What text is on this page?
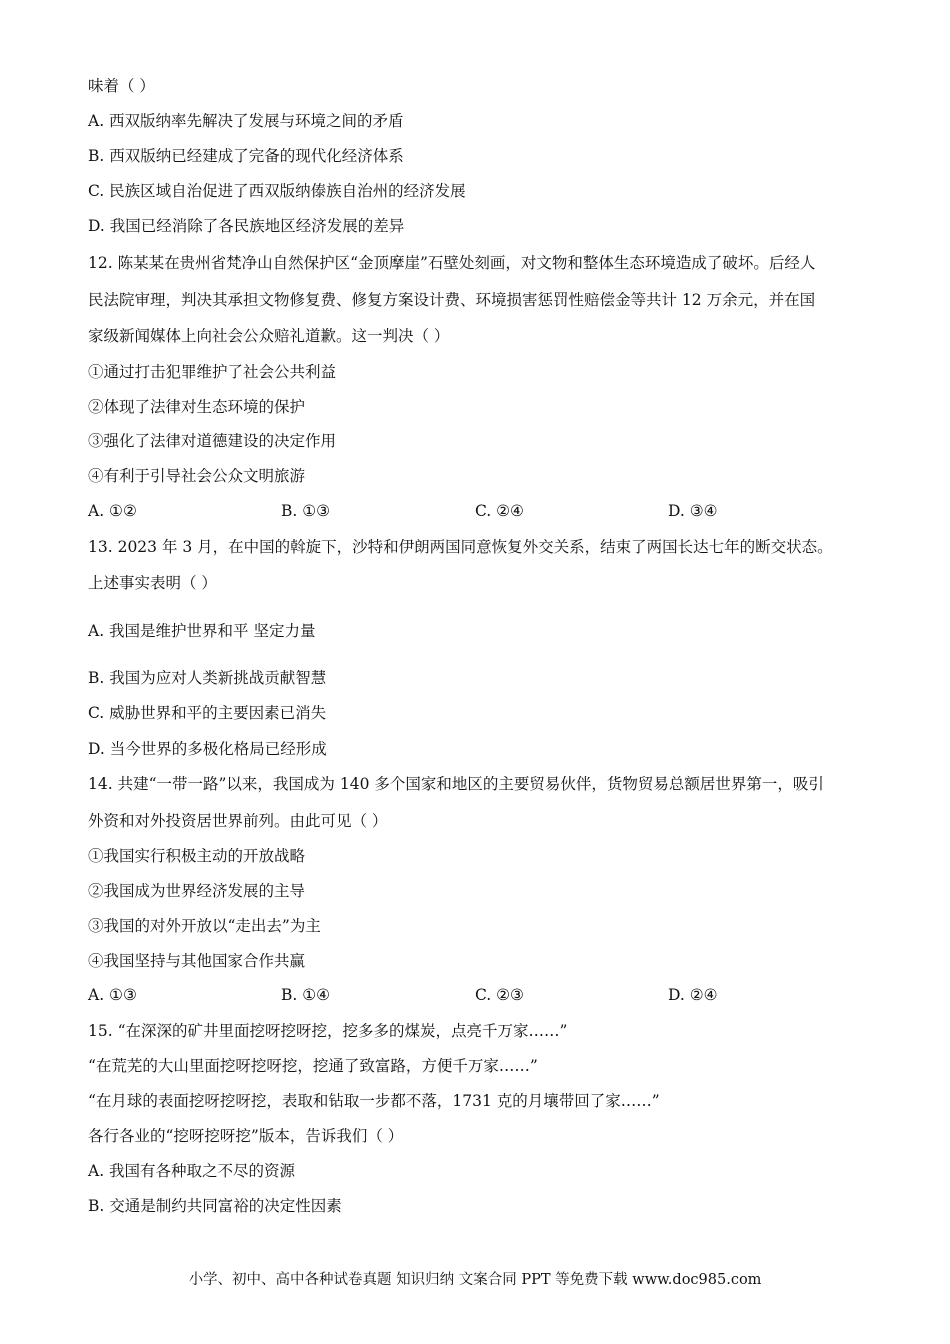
味着（ ）
A. 西双版纳率先解决了发展与环境之间的矛盾
B. 西双版纳已经建成了完备的现代化经济体系
C. 民族区域自治促进了西双版纳傣族自治州的经济发展
D. 我国已经消除了各民族地区经济发展的差异
12. 陈某某在贵州省梵净山自然保护区“金顶摩崖”石壁处刻画，对文物和整体生态环境造成了破坏。后经人
民法院审理，判决其承担文物修复费、修复方案设计费、环境损害惩罚性赔偿金等共计 12 万余元，并在国
家级新闻媒体上向社会公众赔礼道歉。这一判决（ ）
①通过打击犯罪维护了社会公共利益
②体现了法律对生态环境的保护
③强化了法律对道德建设的决定作用
④有利于引导社会公众文明旅游
A. ①②	B. ①③	C. ②④	D. ③④
13. 2023 年 3 月，在中国的斡旋下，沙特和伊朗两国同意恢复外交关系，结束了两国长达七年的断交状态。
上述事实表明（ ）
A. 我国是维护世界和平 坚定力量
B. 我国为应对人类新挑战贡献智慧
C. 威胁世界和平的主要因素已消失
D. 当今世界的多极化格局已经形成
14. 共建“一带一路”以来，我国成为 140 多个国家和地区的主要贸易伙伴，货物贸易总额居世界第一，吸引
外资和对外投资居世界前列。由此可见（ ）
①我国实行积极主动的开放战略
②我国成为世界经济发展的主导
③我国的对外开放以“走出去”为主
④我国坚持与其他国家合作共赢
A. ①③	B. ①④	C. ②③	D. ②④
15. “在深深的矿井里面挖呀挖呀挖，挖多多的煤炭，点亮千万家……”
“在荒芜的大山里面挖呀挖呀挖，挖通了致富路，方便千万家……”
“在月球的表面挖呀挖呀挖，表取和钻取一步都不落，1731 克的月壤带回了家……”
各行各业的“挖呀挖呀挖”版本，告诉我们（ ）
A. 我国有各种取之不尽的资源
B. 交通是制约共同富裕的决定性因素
小学、初中、高中各种试卷真题 知识归纳 文案合同 PPT 等免费下载 www.doc985.com
